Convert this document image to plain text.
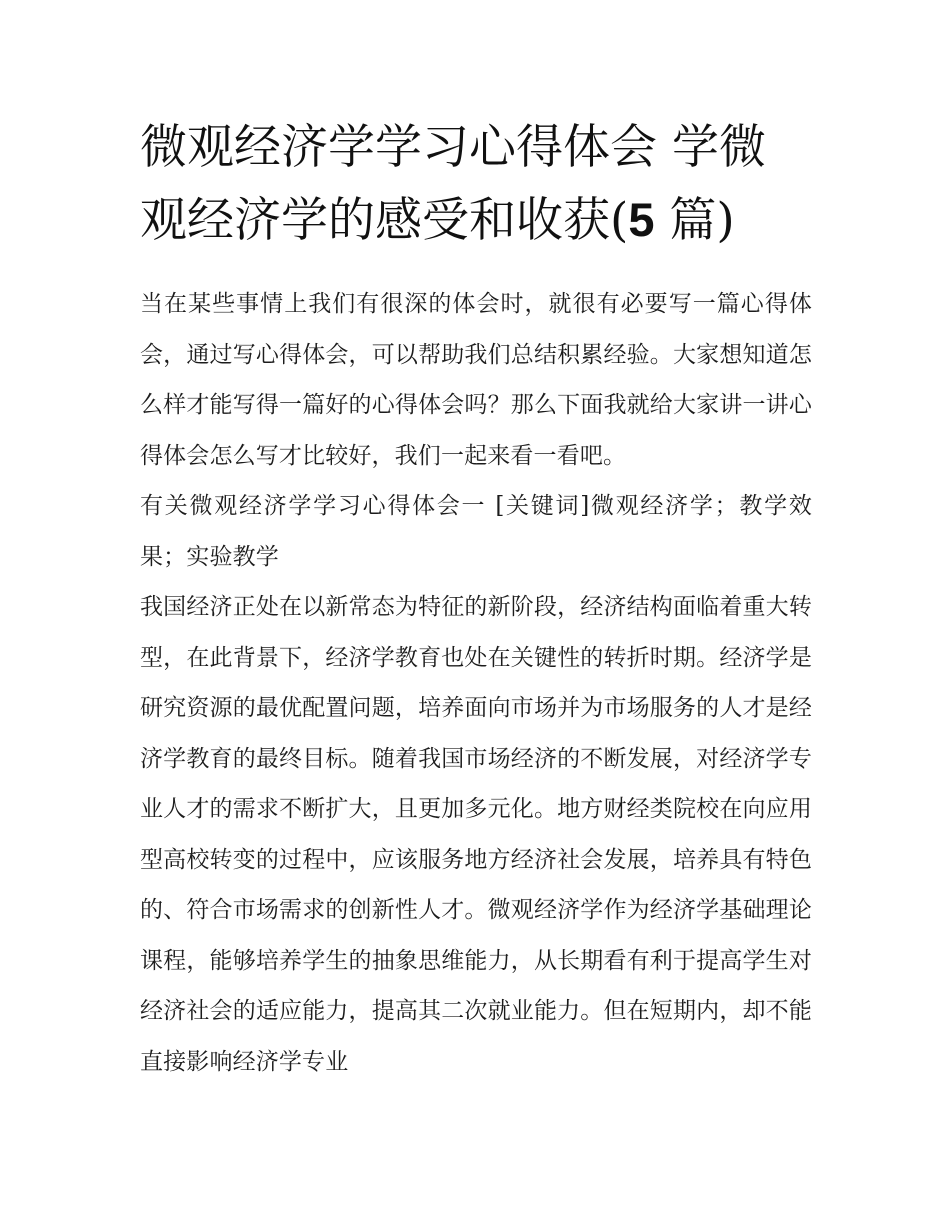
微观经济学学习心得体会 学微观经济学的感受和收获(5 篇)

当在某些事情上我们有很深的体会时，就很有必要写一篇心得体会，通过写心得体会，可以帮助我们总结积累经验。大家想知道怎么样才能写得一篇好的心得体会吗？那么下面我就给大家讲一讲心得体会怎么写才比较好，我们一起来看一看吧。

有关微观经济学学习心得体会一 [关键词]微观经济学；教学效果；实验教学

我国经济正处在以新常态为特征的新阶段，经济结构面临着重大转型，在此背景下，经济学教育也处在关键性的转折时期。经济学是研究资源的最优配置问题，培养面向市场并为市场服务的人才是经济学教育的最终目标。随着我国市场经济的不断发展，对经济学专业人才的需求不断扩大，且更加多元化。地方财经类院校在向应用型高校转变的过程中，应该服务地方经济社会发展，培养具有特色的、符合市场需求的创新性人才。微观经济学作为经济学基础理论课程，能够培养学生的抽象思维能力，从长期看有利于提高学生对经济社会的适应能力，提高其二次就业能力。但在短期内，却不能直接影响经济学专业
